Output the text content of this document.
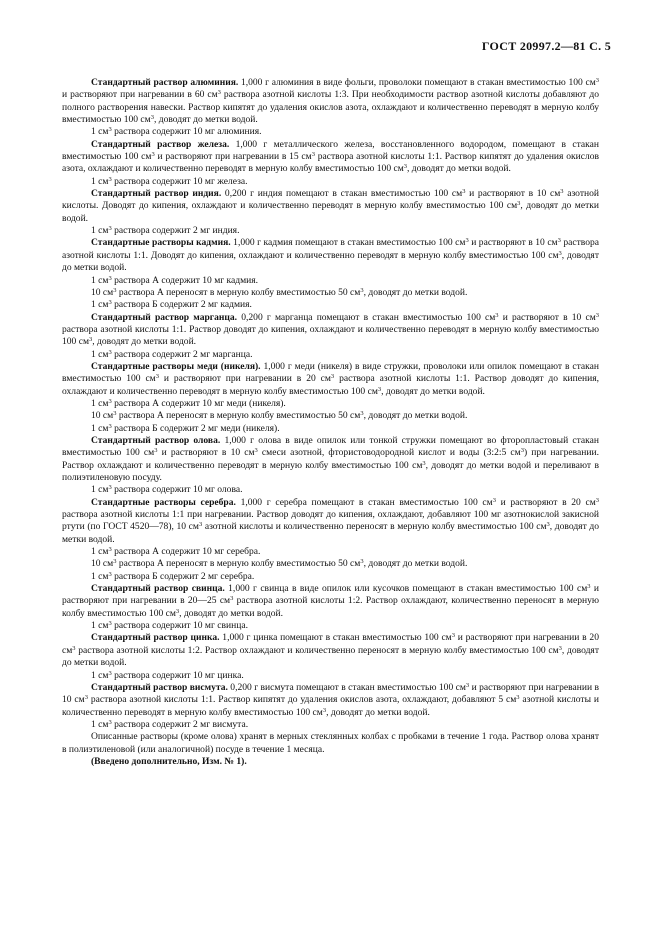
ГОСТ 20997.2—81 С. 5

Стандартный раствор алюминия. 1,000 г алюминия в виде фольги, проволоки помещают в стакан вместимостью 100 $см^3$ и растворяют при нагревании в 60 $см^3$ раствора азотной кислоты 1:3. При необходимости раствор азотной кислоты добавляют до полного растворения навески. Раствор кипятят до удаления окислов азота, охлаждают и количественно переводят в мерную колбу вместимостью 100 $см^3$, доводят до метки водой.

1 $см^3$ раствора содержит 10 мг алюминия.

Стандартный раствор железа. 1,000 г металлического железа, восстановленного водородом, помещают в стакан вместимостью 100 $см^3$ и растворяют при нагревании в 15 $см^3$ раствора азотной кислоты 1:1. Раствор кипятят до удаления окислов азота, охлаждают и количественно переводят в мерную колбу вместимостью 100 $см^3$, доводят до метки водой.

1 $см^3$ раствора содержит 10 мг железа.

Стандартный раствор индия. 0,200 г индия помещают в стакан вместимостью 100 $см^3$ и растворяют в 10 $см^3$ азотной кислоты. Доводят до кипения, охлаждают и количественно переводят в мерную колбу вместимостью 100 $см^3$, доводят до метки водой.

1 $см^3$ раствора содержит 2 мг индия.

Стандартные растворы кадмия. 1,000 г кадмия помещают в стакан вместимостью 100 $см^3$ и растворяют в 10 $см^3$ раствора азотной кислоты 1:1. Доводят до кипения, охлаждают и количественно переводят в мерную колбу вместимостью 100 $см^3$, доводят до метки водой.

1 $см^3$ раствора А содержит 10 мг кадмия.

10 $см^3$ раствора А переносят в мерную колбу вместимостью 50 $см^3$, доводят до метки водой.

1 $см^3$ раствора Б содержит 2 мг кадмия.

Стандартный раствор марганца. 0,200 г марганца помещают в стакан вместимостью 100 $см^3$ и растворяют в 10 $см^3$ раствора азотной кислоты 1:1. Раствор доводят до кипения, охлаждают и количественно переводят в мерную колбу вместимостью 100 $см^3$, доводят до метки водой.

1 $см^3$ раствора содержит 2 мг марганца.

Стандартные растворы меди (никеля). 1,000 г меди (никеля) в виде стружки, проволоки или опилок помещают в стакан вместимостью 100 $см^3$ и растворяют при нагревании в 20 $см^3$ раствора азотной кислоты 1:1. Раствор доводят до кипения, охлаждают и количественно переводят в мерную колбу вместимостью 100 $см^3$, доводят до метки водой.

1 $см^3$ раствора А содержит 10 мг меди (никеля).

10 $см^3$ раствора А переносят в мерную колбу вместимостью 50 $см^3$, доводят до метки водой.

1 $см^3$ раствора Б содержит 2 мг меди (никеля).

Стандартный раствор олова. 1,000 г олова в виде опилок или тонкой стружки помещают во фторопластовый стакан вместимостью 100 $см^3$ и растворяют в 10 $см^3$ смеси азотной, фтористоводородной кислот и воды (3:2:5 $см^3$) при нагревании. Раствор охлаждают и количественно переводят в мерную колбу вместимостью 100 $см^3$, доводят до метки водой и переливают в полиэтиленовую посуду.

1 $см^3$ раствора содержит 10 мг олова.

Стандартные растворы серебра. 1,000 г серебра помещают в стакан вместимостью 100 $см^3$ и растворяют в 20 $см^3$ раствора азотной кислоты 1:1 при нагревании. Раствор доводят до кипения, охлаждают, добавляют 100 мг азотнокислой закисной ртути (по ГОСТ 4520—78), 10 $см^3$ азотной кислоты и количественно переносят в мерную колбу вместимостью 100 $см^3$, доводят до метки водой.

1 $см^3$ раствора А содержит 10 мг серебра.

10 $см^3$ раствора А переносят в мерную колбу вместимостью 50 $см^3$, доводят до метки водой.

1 $см^3$ раствора Б содержит 2 мг серебра.

Стандартный раствор свинца. 1,000 г свинца в виде опилок или кусочков помещают в стакан вместимостью 100 $см^3$ и растворяют при нагревании в 20—25 $см^3$ раствора азотной кислоты 1:2. Раствор охлаждают, количественно переносят в мерную колбу вместимостью 100 $см^3$, доводят до метки водой.

1 $см^3$ раствора содержит 10 мг свинца.

Стандартный раствор цинка. 1,000 г цинка помещают в стакан вместимостью 100 $см^3$ и растворяют при нагревании в 20 $см^3$ раствора азотной кислоты 1:2. Раствор охлаждают и количественно переносят в мерную колбу вместимостью 100 $см^3$, доводят до метки водой.

1 $см^3$ раствора содержит 10 мг цинка.

Стандартный раствор висмута. 0,200 г висмута помещают в стакан вместимостью 100 $см^3$ и растворяют при нагревании в 10 $см^3$ раствора азотной кислоты 1:1. Раствор кипятят до удаления окислов азота, охлаждают, добавляют 5 $см^3$ азотной кислоты и количественно переводят в мерную колбу вместимостью 100 $см^3$, доводят до метки водой.

1 $см^3$ раствора содержит 2 мг висмута.

Описанные растворы (кроме олова) хранят в мерных стеклянных колбах с пробками в течение 1 года. Раствор олова хранят в полиэтиленовой (или аналогичной) посуде в течение 1 месяца.

(Введено дополнительно, Изм. № 1).
